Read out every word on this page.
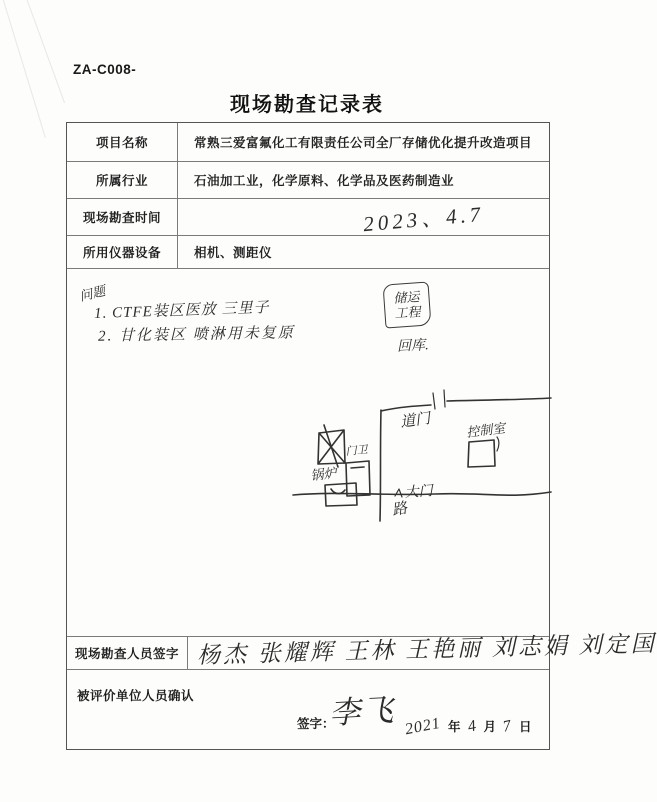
ZA-C008-
现场勘查记录表
项目名称	常熟三爱富氟化工有限责任公司全厂存储优化提升改造项目
所属行业	石油加工业，化学原料、化学品及医药制造业
现场勘查时间	2023、4.7
所用仪器设备	相机、测距仪
问题
1. CTFE装区医放 三里子
2. 甘化装区 喷淋用未复原
储运
工程
回库.
道门	控制室
门卫
锅炉
大门
路
现场勘查人员签字 杨杰 张耀辉 王林 王艳丽 刘志娟 刘定国
被评价单位人员确认
签字：
李飞 2021 年 4 月 7 日
